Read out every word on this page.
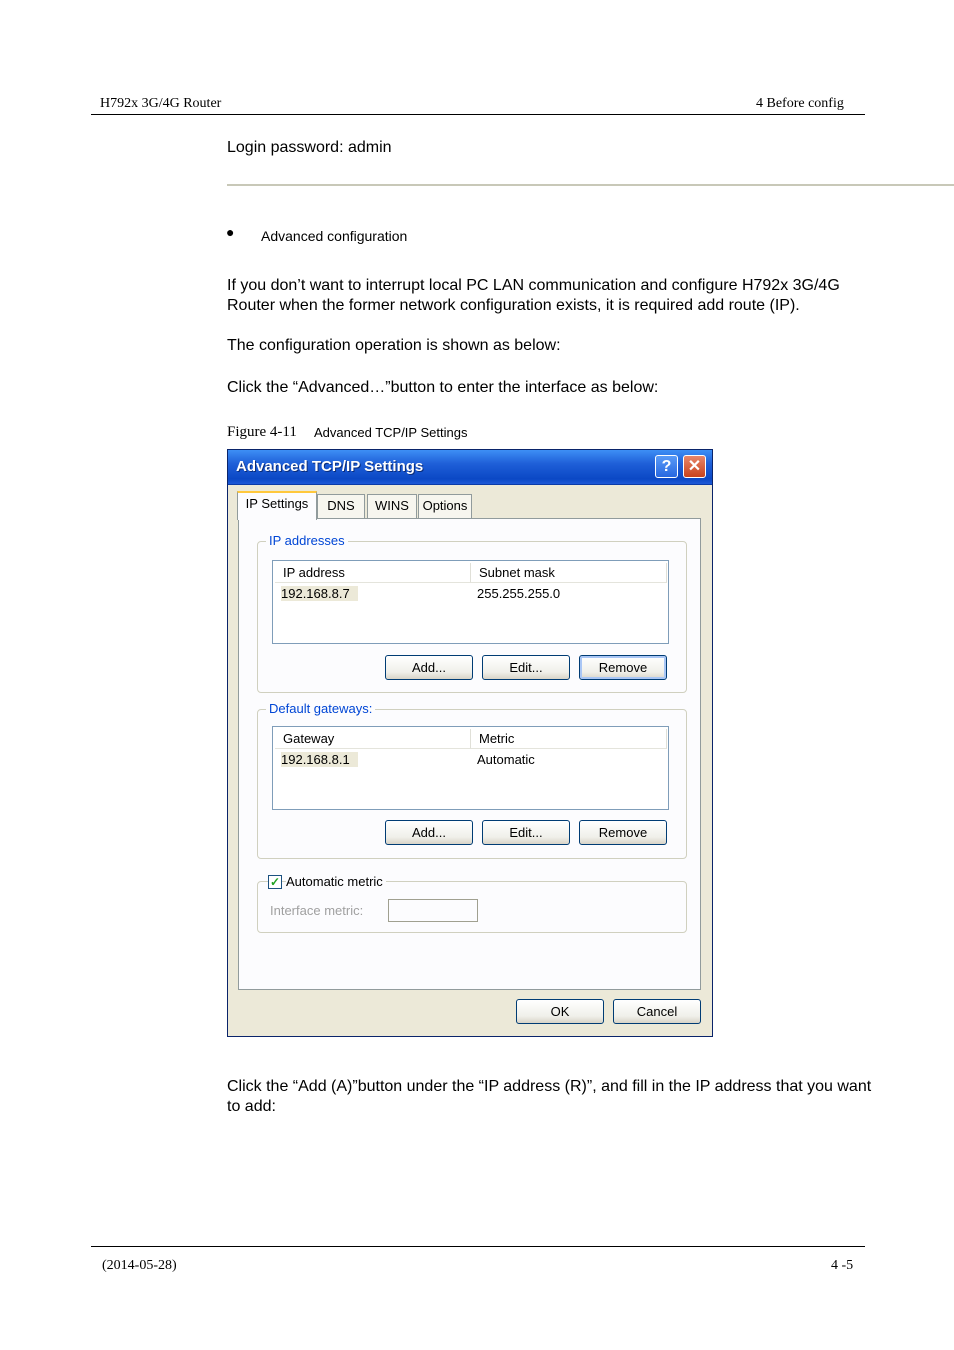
H792x 3G/4G Router	4 Before config
Login password: admin
● Advanced configuration
If you don’t want to interrupt local PC LAN communication and configure H792x 3G/4G Router when the former network configuration exists, it is required add route (IP).
The configuration operation is shown as below:
Click the “Advanced…”button to enter the interface as below:
Figure 4-11 Advanced TCP/IP Settings
Advanced TCP/IP Settings	?	✕
IP Settings	DNS	WINS	Options
IP addresses
IP address	Subnet mask
192.168.8.7	255.255.255.0
Add...	Edit...	Remove
Default gateways:
Gateway	Metric
192.168.8.1	Automatic
Add...	Edit...	Remove
✓ Automatic metric
Interface metric:
OK	Cancel
Click the “Add (A)”button under the “IP address (R)”, and fill in the IP address that you want to add:
(2014-05-28)	4 -5
